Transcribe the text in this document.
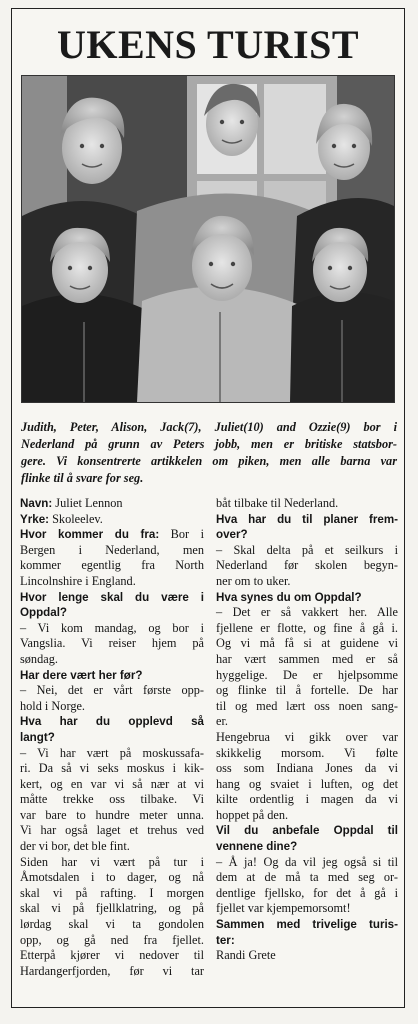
UKENS TURIST
Judith, Peter, Alison, Jack(7), Juliet(10) and Ozzie(9) bor i
Nederland på grunn av Peters jobb, men er britiske statsbor-
gere. Vi konsentrerte artikkelen om piken, men alle barna var
flinke til å svare for seg.
Navn: Juliet Lennon
Yrke: Skoleelev.
Hvor kommer du fra: Bor i
Bergen i Nederland, men
kommer egentlig fra North
Lincolnshire i England.
Hvor lenge skal du være i
Oppdal?
– Vi kom mandag, og bor i
Vangslia. Vi reiser hjem på
søndag.
Har dere vært her før?
– Nei, det er vårt første opp-
hold i Norge.
Hva har du opplevd så
langt?
– Vi har vært på moskussafa-
ri. Da så vi seks moskus i kik-
kert, og en var vi så nær at vi
måtte trekke oss tilbake. Vi
var bare to hundre meter unna.
Vi har også laget et trehus ved
der vi bor, det ble fint.
Siden har vi vært på tur i
Åmotsdalen i to dager, og nå
skal vi på rafting. I morgen
skal vi på fjellklatring, og på
lørdag skal vi ta gondolen
opp, og gå ned fra fjellet.
Etterpå kjører vi nedover til
Hardangerfjorden, før vi tar
båt tilbake til Nederland.
Hva har du til planer frem-
over?
– Skal delta på et seilkurs i
Nederland før skolen begyn-
ner om to uker.
Hva synes du om Oppdal?
– Det er så vakkert her. Alle
fjellene er flotte, og fine å gå i.
Og vi må få si at guidene vi
har vært sammen med er så
hyggelige. De er hjelpsomme
og flinke til å fortelle. De har
til og med lært oss noen sang-
er.
Hengebrua vi gikk over var
skikkelig morsom. Vi følte
oss som Indiana Jones da vi
hang og svaiet i luften, og det
kilte ordentlig i magen da vi
hoppet på den.
Vil du anbefale Oppdal til
vennene dine?
– Å ja! Og da vil jeg også si til
dem at de må ta med seg or-
dentlige fjellsko, for det å gå i
fjellet var kjempemorsomt!
Sammen med trivelige turis-
ter:
Randi Grete
